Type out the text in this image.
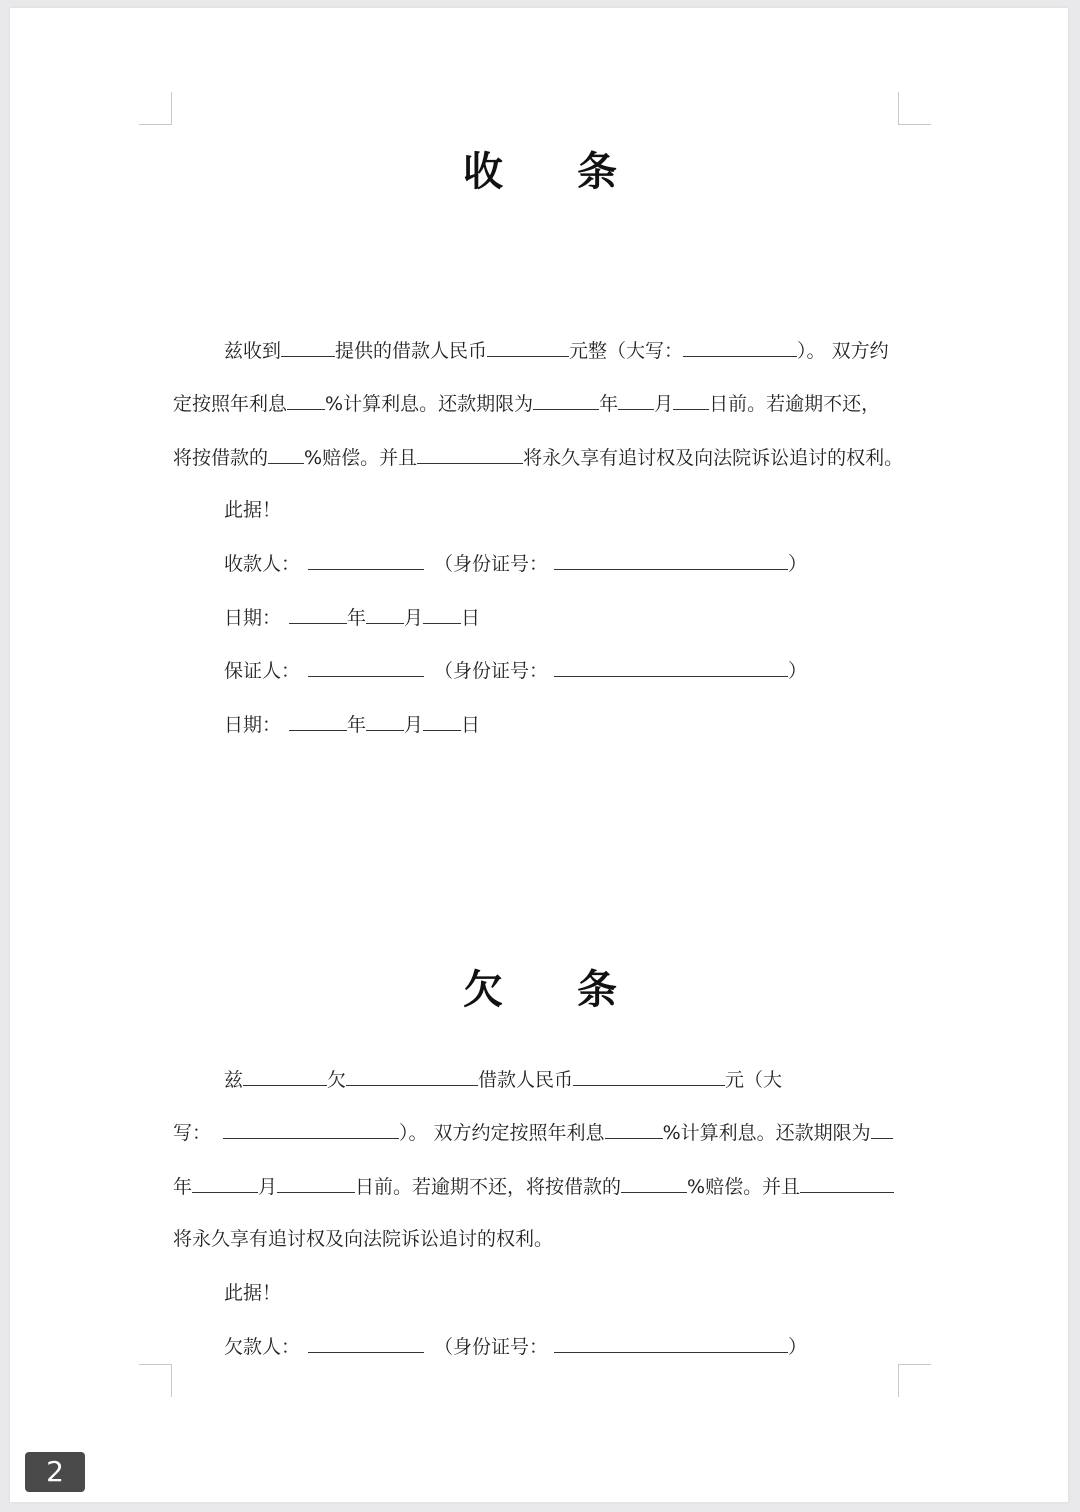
收 条
兹收到	提供的借款人民币	元整（大写：	）。 双方约
定按照年利息 %计算利息。还款期限为	年 月 日前。若逾期不还，
将按借款的 %赔偿。并且	将永久享有追讨权及向法院诉讼追讨的权利。
此据！
收款人：	（身份证号：	）
日期：	年 月 日
保证人：	（身份证号：	）
日期：	年 月 日
欠 条
兹	欠	借款人民币	元（大
写：	）。 双方约定按照年利息	%计算利息。还款期限为
年	月	日前。若逾期不还，将按借款的	%赔偿。并且
将永久享有追讨权及向法院诉讼追讨的权利。
此据！
欠款人：	（身份证号：	）
2
